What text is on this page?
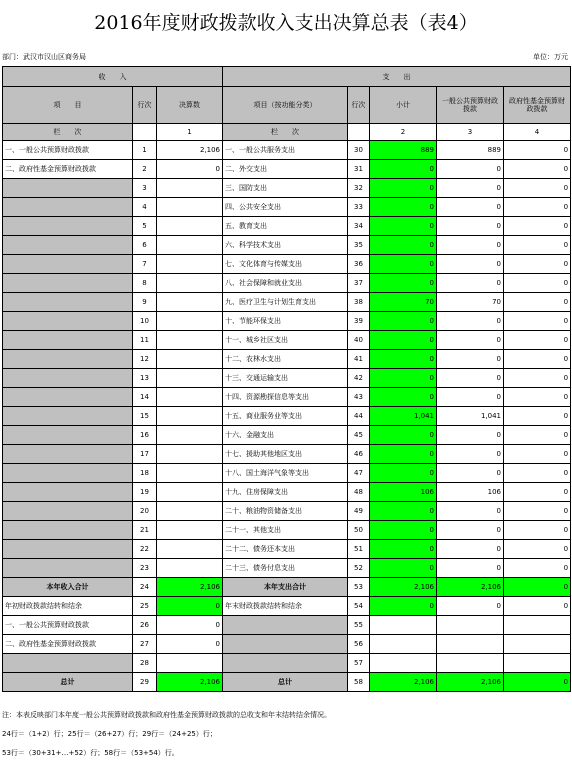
2016年度财政拨款收入支出决算总表（表4）
部门：武汉市汉山区商务局	单位：万元
收　　入			支　　出				
项　　目	行次	决算数	项目（按功能分类）	行次	小计	一般公共预算财政拨款	政府性基金预算财政拨款
栏　　次		1	栏　　次		2	3	4
一、一般公共预算财政拨款	1	2,106	一、一般公共服务支出	30	889	889	0
二、政府性基金预算财政拨款	2	0	二、外交支出	31	0	0	0
	3		三、国防支出	32	0	0	0
	4		四、公共安全支出	33	0	0	0
	5		五、教育支出	34	0	0	0
	6		六、科学技术支出	35	0	0	0
	7		七、文化体育与传媒支出	36	0	0	0
	8		八、社会保障和就业支出	37	0	0	0
	9		九、医疗卫生与计划生育支出	38	70	70	0
	10		十、节能环保支出	39	0	0	0
	11		十一、城乡社区支出	40	0	0	0
	12		十二、农林水支出	41	0	0	0
	13		十三、交通运输支出	42	0	0	0
	14		十四、资源勘探信息等支出	43	0	0	0
	15		十五、商业服务业等支出	44	1,041	1,041	0
	16		十六、金融支出	45	0	0	0
	17		十七、援助其他地区支出	46	0	0	0
	18		十八、国土海洋气象等支出	47	0	0	0
	19		十九、住房保障支出	48	106	106	0
	20		二十、粮油物资储备支出	49	0	0	0
	21		二十一、其他支出	50	0	0	0
	22		二十二、债务还本支出	51	0	0	0
	23		二十三、债务付息支出	52	0	0	0
本年收入合计	24	2,106	本年支出合计	53	2,106	2,106	0
年初财政拨款结转和结余	25	0	年末财政拨款结转和结余	54	0	0	0
一、一般公共预算财政拨款	26	0		55			
二、政府性基金预算财政拨款	27	0		56			
	28			57			
总计	29	2,106	总计	58	2,106	2,106	0
注：本表反映部门本年度一般公共预算财政拨款和政府性基金预算财政拨款的总收支和年末结转结余情况。
24行＝（1+2）行；25行＝（26+27）行；29行＝（24+25）行；
53行＝（30+31+…+52）行；58行＝（53+54）行。
